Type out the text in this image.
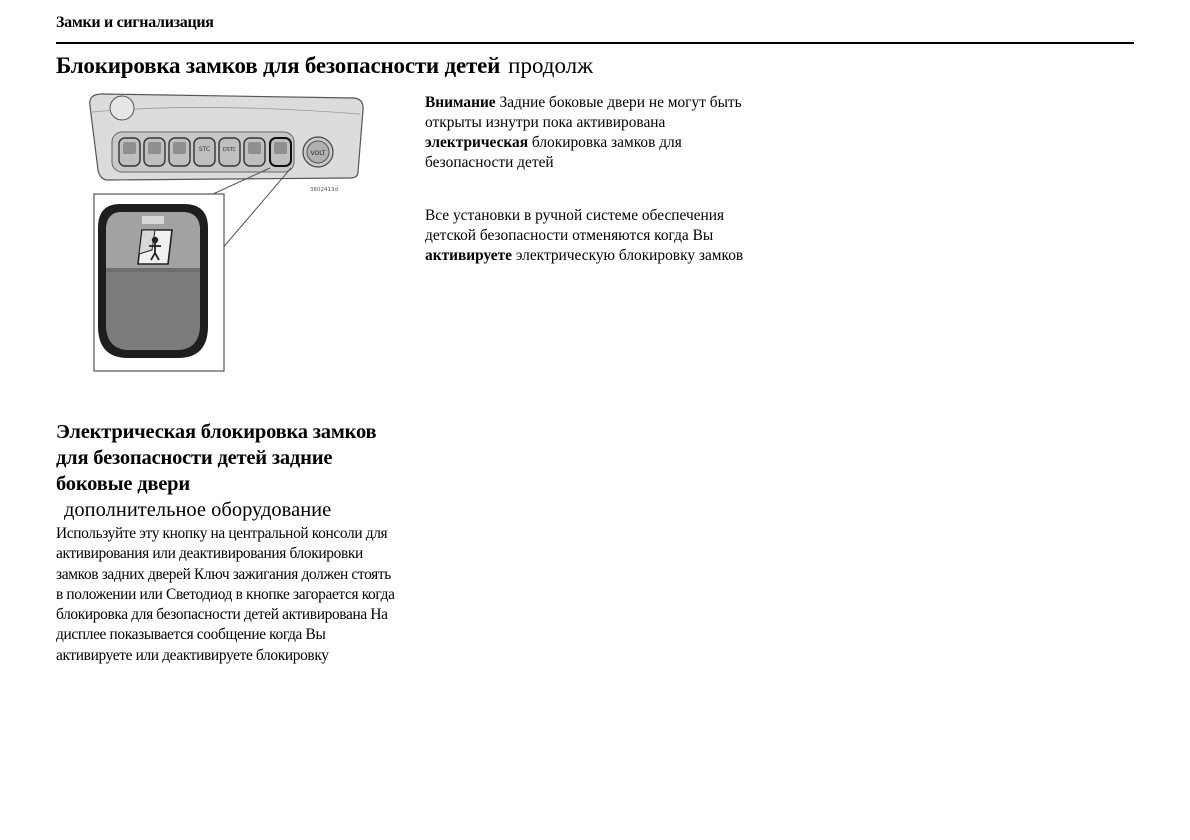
Замки и сигнализация
Блокировка замков для безопасности детей продолж
STC	DSTC	VOLT
3602413d

Внимание Задние боковые двери не могут быть открыты изнутри пока активирована электрическая блокировка замков для безопасности детей

Все установки в ручной системе обеспечения детской безопасности отменяются когда Вы активируете электрическую блокировку замков

Электрическая блокировка замков для безопасности детей задние боковые двери
дополнительное оборудование
Используйте эту кнопку на центральной консоли для активирования или деактивирования блокировки замков задних дверей Ключ зажигания должен стоять в положении или Светодиод в кнопке загорается когда блокировка для безопасности детей активирована На дисплее показывается сообщение когда Вы активируете или деактивируете блокировку
